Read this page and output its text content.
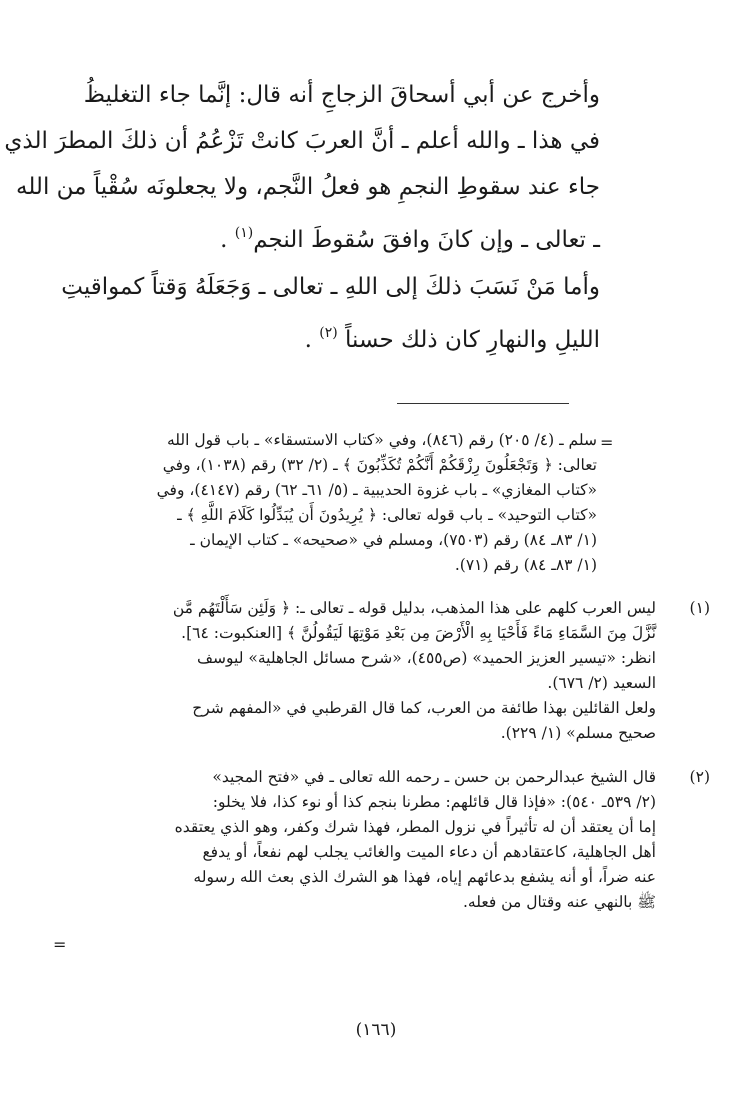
وأخرج عن أبي أسحاقَ الزجاجِ أنه قال: إنَّما جاء التغليظُ

في هذا ـ والله أعلم ـ أنَّ العربَ كانتْ تَزْعُمُ أن ذلكَ المطرَ الذي

جاء عند سقوطِ النجمِ هو فعلُ النَّجم، ولا يجعلونَه سُقْياً من الله

ـ تعالى ـ وإن كانَ وافقَ سُقوطَ النجم$^{(١)}$ .

وأما مَنْ نَسَبَ ذلكَ إلى اللهِ ـ تعالى ـ وَجَعَلَهُ وَقتاً كمواقيتِ

الليلِ والنهارِ كان ذلك حسناً $^{(٢)}$ .

=
=

سلم ـ (٤/ ٢٠٥) رقم (٨٤٦)، وفي «كتاب الاستسقاء» ـ باب قول الله

تعالى: ﴿ وَتَجْعَلُونَ رِزْقَكُمْ أَنَّكُمْ تُكَذِّبُونَ ﴾ ـ (٢/ ٣٢) رقم (١٠٣٨)، وفي

«كتاب المغازي» ـ باب غزوة الحديبية ـ (٥/ ٦١ـ ٦٢) رقم (٤١٤٧)، وفي

«كتاب التوحيد» ـ باب قوله تعالى: ﴿ يُرِيدُونَ أَن يُبَدِّلُوا كَلَامَ اللَّهِ ﴾ ـ

(١/ ٨٣ـ ٨٤) رقم (٧٥٠٣)، ومسلم في «صحيحه» ـ كتاب الإيمان ـ

(١/ ٨٣ـ ٨٤) رقم (٧١).

(١)

ليس العرب كلهم على هذا المذهب، بدليل قوله ـ تعالى ـ: ﴿ وَلَئِن سَأَلْتَهُم مَّن

نَّزَّلَ مِنَ السَّمَاءِ مَاءً فَأَحْيَا بِهِ الْأَرْضَ مِن بَعْدِ مَوْتِهَا لَيَقُولُنَّ ﴾ [العنكبوت: ٦٤].

انظر: «تيسير العزيز الحميد» (ص٤٥٥)، «شرح مسائل الجاهلية» ليوسف

السعيد (٢/ ٦٧٦).

ولعل القائلين بهذا طائفة من العرب، كما قال القرطبي في «المفهم شرح

صحيح مسلم» (١/ ٢٢٩).

(٢)

قال الشيخ عبدالرحمن بن حسن ـ رحمه الله تعالى ـ في «فتح المجيد»

(٢/ ٥٣٩ـ ٥٤٠): «فإذا قال قائلهم: مطرنا بنجم كذا أو نوء كذا، فلا يخلو:

إما أن يعتقد أن له تأثيراً في نزول المطر، فهذا شرك وكفر، وهو الذي يعتقده

أهل الجاهلية، كاعتقادهم أن دعاء الميت والغائب يجلب لهم نفعاً، أو يدفع

عنه ضراً، أو أنه يشفع بدعائهم إياه، فهذا هو الشرك الذي بعث الله رسوله

ﷺ بالنهي عنه وقتال من فعله.

(١٦٦)
